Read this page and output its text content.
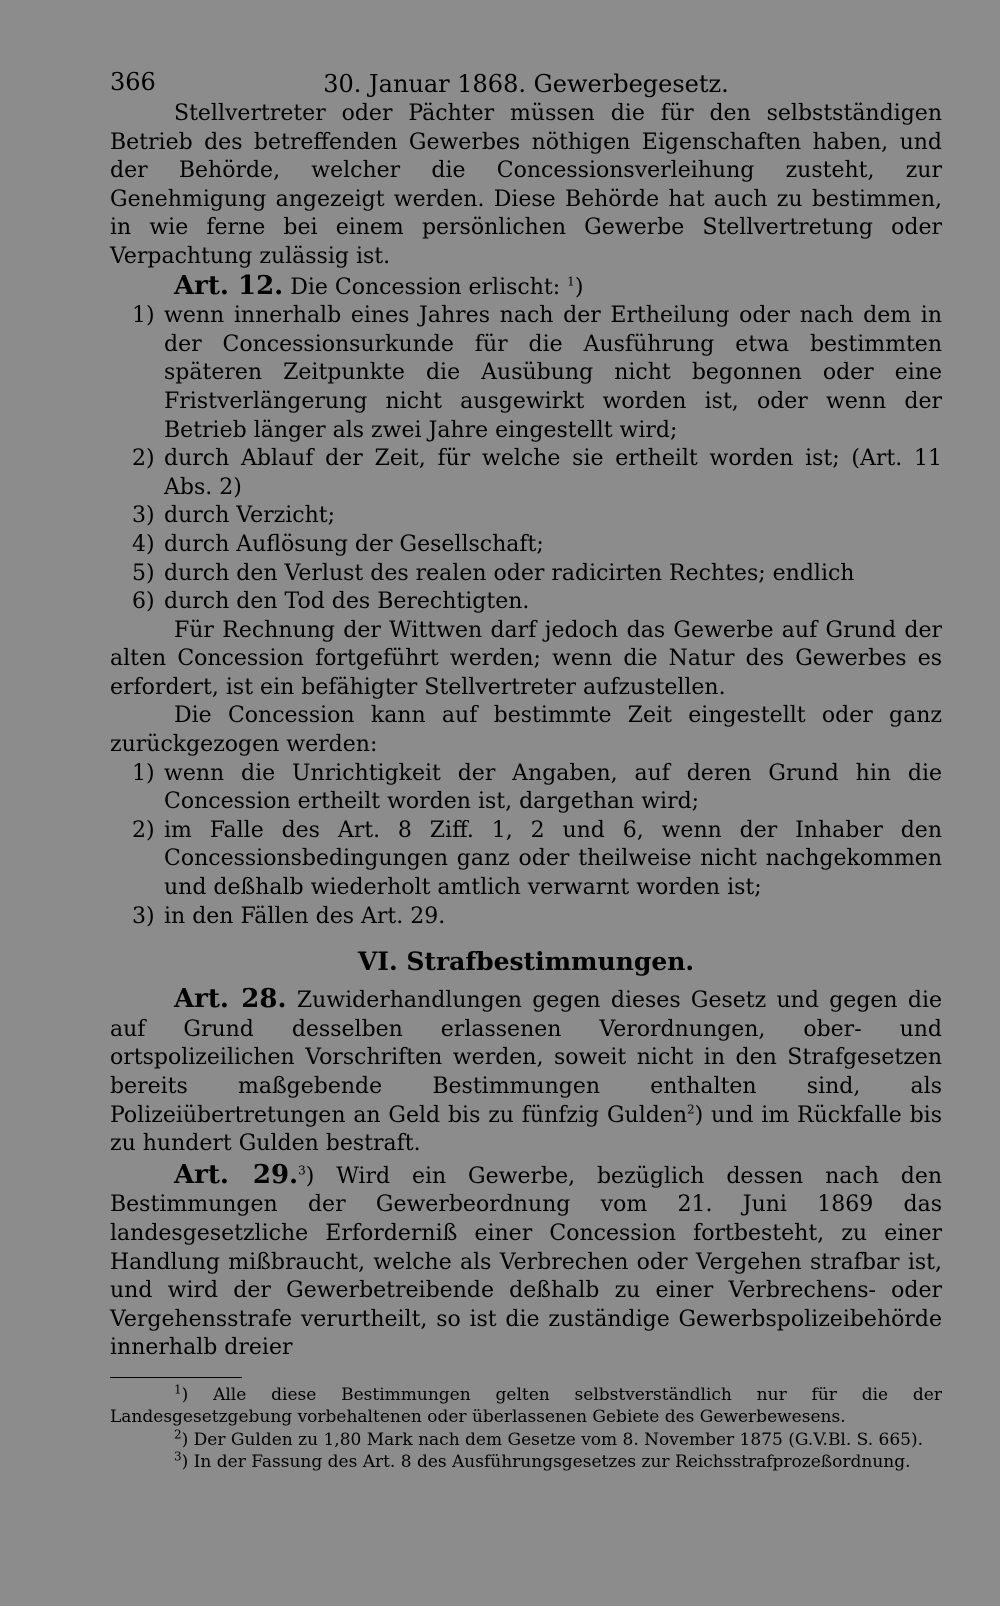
366	30. Januar 1868. Gewerbegesetz.

Stellvertreter oder Pächter müssen die für den selbstständigen Betrieb des betreffenden Gewerbes nöthigen Eigenschaften haben, und der Behörde, welcher die Concessionsverleihung zusteht, zur Genehmigung angezeigt werden. Diese Behörde hat auch zu bestimmen, in wie ferne bei einem persönlichen Gewerbe Stellvertretung oder Verpachtung zulässig ist.

Art. 12. Die Concession erlischt: $^1$)

1) wenn innerhalb eines Jahres nach der Ertheilung oder nach dem in der Concessionsurkunde für die Ausführung etwa bestimmten späteren Zeitpunkte die Ausübung nicht begonnen oder eine Fristverlängerung nicht ausgewirkt worden ist, oder wenn der Betrieb länger als zwei Jahre eingestellt wird;
2) durch Ablauf der Zeit, für welche sie ertheilt worden ist; (Art. 11 Abs. 2)
3) durch Verzicht;
4) durch Auflösung der Gesellschaft;
5) durch den Verlust des realen oder radicirten Rechtes; endlich
6) durch den Tod des Berechtigten.

Für Rechnung der Wittwen darf jedoch das Gewerbe auf Grund der alten Concession fortgeführt werden; wenn die Natur des Gewerbes es erfordert, ist ein befähigter Stellvertreter aufzustellen.

Die Concession kann auf bestimmte Zeit eingestellt oder ganz zurückgezogen werden:

1) wenn die Unrichtigkeit der Angaben, auf deren Grund hin die Concession ertheilt worden ist, dargethan wird;
2) im Falle des Art. 8 Ziff. 1, 2 und 6, wenn der Inhaber den Concessionsbedingungen ganz oder theilweise nicht nachgekommen und deßhalb wiederholt amtlich verwarnt worden ist;
3) in den Fällen des Art. 29.
VI. Strafbestimmungen.

Art. 28. Zuwiderhandlungen gegen dieses Gesetz und gegen die auf Grund desselben erlassenen Verordnungen, ober- und ortspolizeilichen Vorschriften werden, soweit nicht in den Strafgesetzen bereits maßgebende Bestimmungen enthalten sind, als Polizeiübertretungen an Geld bis zu fünfzig Gulden$^2$) und im Rückfalle bis zu hundert Gulden bestraft.

Art. 29.$^3$) Wird ein Gewerbe, bezüglich dessen nach den Bestimmungen der Gewerbeordnung vom 21. Juni 1869 das landesgesetzliche Erforderniß einer Concession fortbesteht, zu einer Handlung mißbraucht, welche als Verbrechen oder Vergehen strafbar ist, und wird der Gewerbetreibende deßhalb zu einer Verbrechens- oder Vergehensstrafe verurtheilt, so ist die zuständige Gewerbspolizeibehörde innerhalb dreier

$^1$) Alle diese Bestimmungen gelten selbstverständlich nur für die der Landesgesetzgebung vorbehaltenen oder überlassenen Gebiete des Gewerbewesens.

$^2$) Der Gulden zu 1,80 Mark nach dem Gesetze vom 8. November 1875 (G.V.Bl. S. 665).

$^3$) In der Fassung des Art. 8 des Ausführungsgesetzes zur Reichsstrafprozeßordnung.
